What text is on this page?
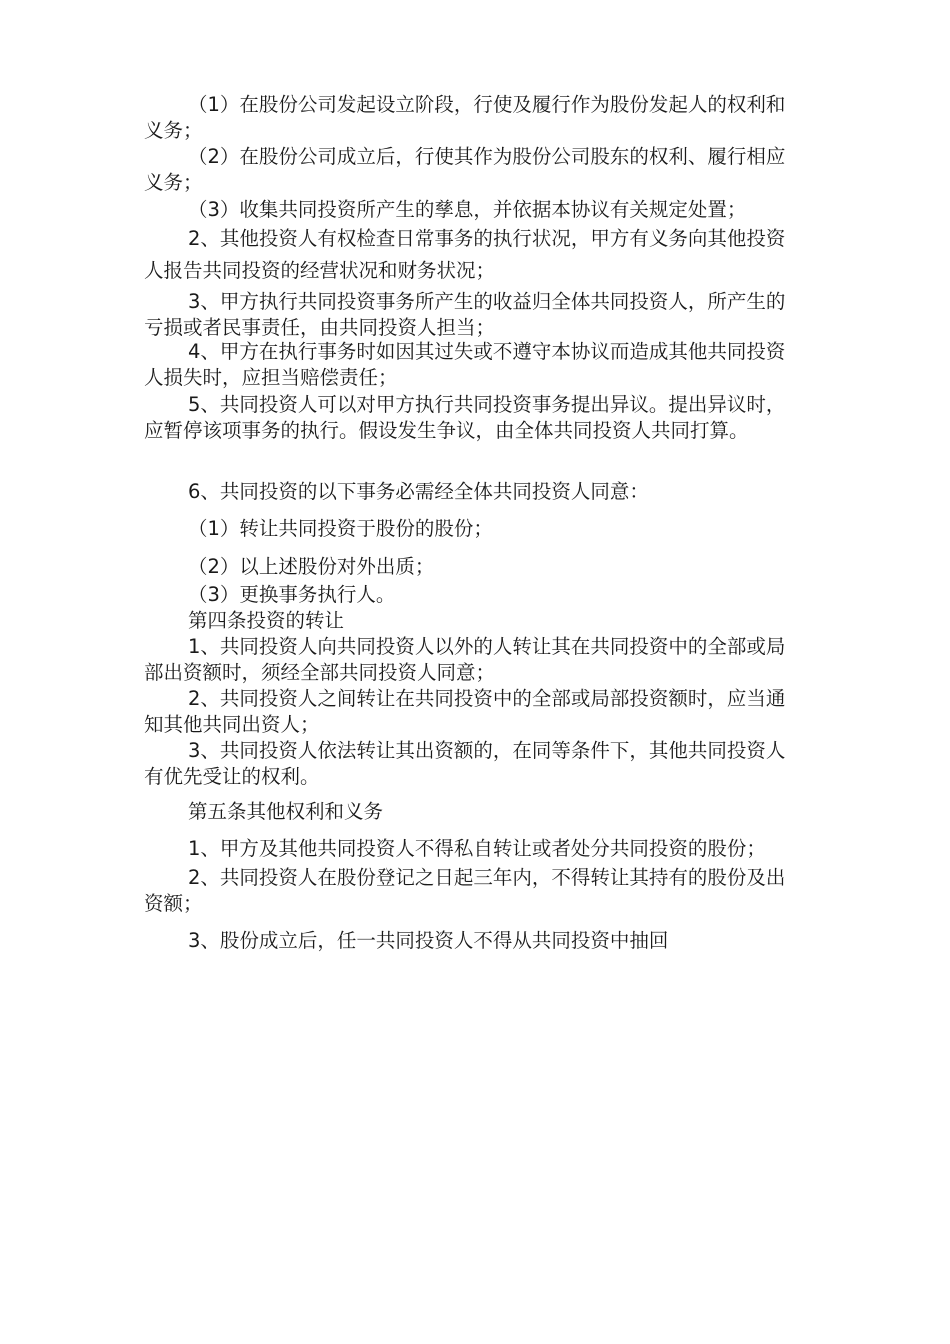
（1）在股份公司发起设立阶段，行使及履行作为股份发起人的权利和义务；

（2）在股份公司成立后，行使其作为股份公司股东的权利、履行相应义务；

（3）收集共同投资所产生的孳息，并依据本协议有关规定处置；

2、其他投资人有权检查日常事务的执行状况，甲方有义务向其他投资人报告共同投资的经营状况和财务状况；

3、甲方执行共同投资事务所产生的收益归全体共同投资人，所产生的亏损或者民事责任，由共同投资人担当；

4、甲方在执行事务时如因其过失或不遵守本协议而造成其他共同投资人损失时，应担当赔偿责任；

5、共同投资人可以对甲方执行共同投资事务提出异议。提出异议时，应暂停该项事务的执行。假设发生争议，由全体共同投资人共同打算。

6、共同投资的以下事务必需经全体共同投资人同意：

（1）转让共同投资于股份的股份；

（2）以上述股份对外出质；

（3）更换事务执行人。

第四条投资的转让

1、共同投资人向共同投资人以外的人转让其在共同投资中的全部或局部出资额时，须经全部共同投资人同意；

2、共同投资人之间转让在共同投资中的全部或局部投资额时，应当通知其他共同出资人；

3、共同投资人依法转让其出资额的，在同等条件下，其他共同投资人有优先受让的权利。

第五条其他权利和义务

1、甲方及其他共同投资人不得私自转让或者处分共同投资的股份；

2、共同投资人在股份登记之日起三年内，不得转让其持有的股份及出资额；

3、股份成立后，任一共同投资人不得从共同投资中抽回
